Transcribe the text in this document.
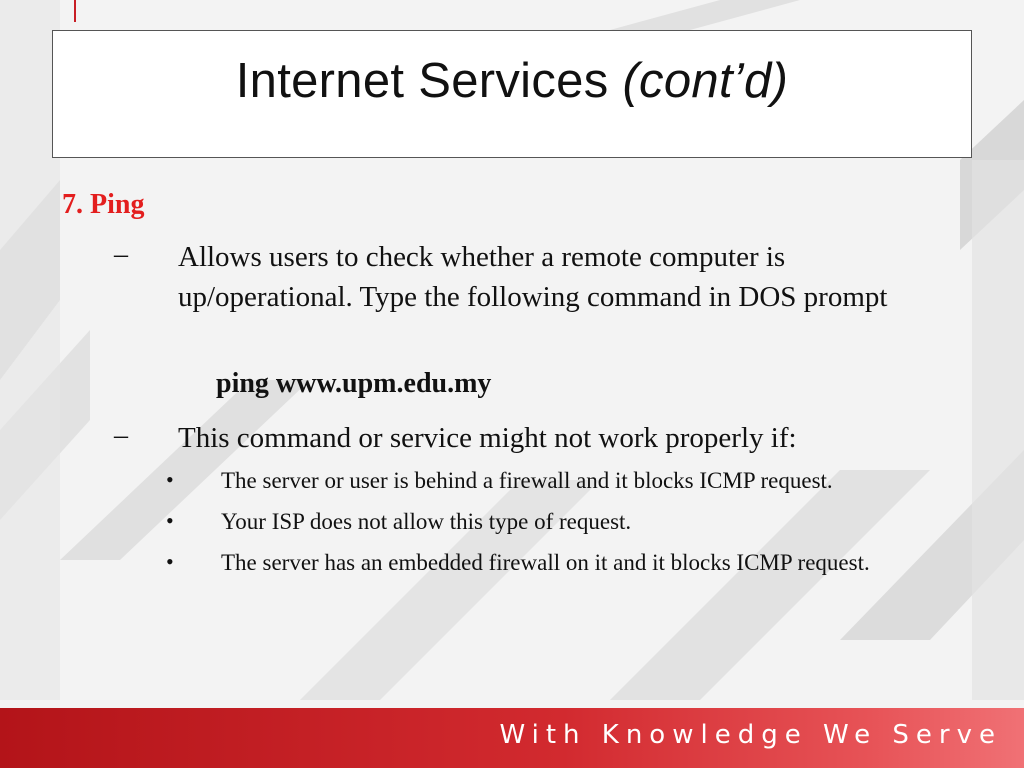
Internet Services (cont’d)
7. Ping
– Allows users to check whether a remote computer is up/operational. Type the following command in DOS prompt
ping www.upm.edu.my
– This command or service might not work properly if:
• The server or user is behind a firewall and it blocks ICMP request.
• Your ISP does not allow this type of request.
• The server has an embedded firewall on it and it blocks ICMP request.
With Knowledge We Serve
